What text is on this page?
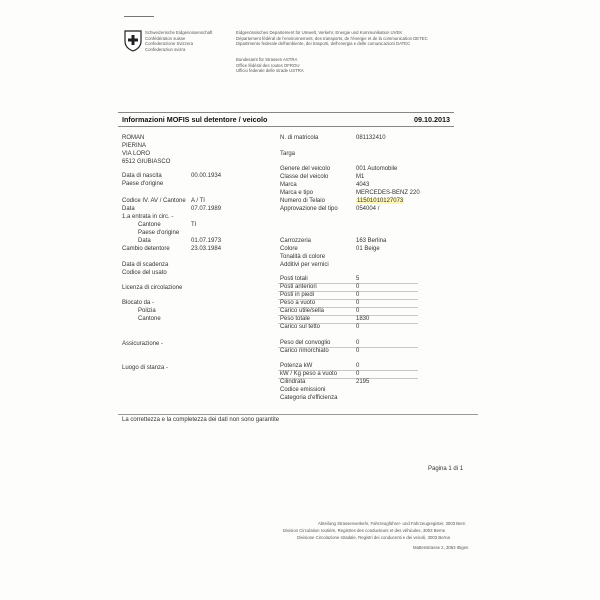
Informazioni MOFIS sul detentore / veicolo	09.10.2013
ROMAN
PIERINA
VIA LORO
6512 GIUBIASCO
La correttezza e la completezza dei dati non sono garantite
Pagina 1 di 1
Mattenstrasse 2, 3063 Ittigen
Schweizerische Eidgenossenschaft
Confédération suisse
Confederazione Svizzera
Confederaziun svizra
Eidgenössisches Departement für Umwelt, Verkehr, Energie und Kommunikation UVEK
Département fédéral de l'environnement, des transports, de l'énergie et de la communication DETEC
Dipartimento federale dell'ambiente, dei trasporti, dell'energia e delle comunicazioni DATEC
Bundesamt für Strassen ASTRA
Office fédéral des routes OFROU
Ufficio federale delle strade USTRA
Data di nascita	00.00.1934
Paese d'origine
Codice IV. AV / Cantone A / TI
Data	07.07.1989
1.a entrata in circ. -
Cantone	TI
Paese d'origine
Data	01.07.1973
Cambio detentore	23.03.1984
Data di scadenza
Codice del usato
Licenza di circolazione
Blocato da -
Polizia
Cantone
Assicurazione -
Luogo di stanza -
N. di matricola	081132410
Targa
Genere del veicolo	001 Automobile
Classe del veicolo	M1
Marca	4043
Marca e tipo	MERCEDES-BENZ 220
Numero di Telaio	11501010127073
Approvazione del tipo	054004 /
Carrozzeria	163 Berlina
Colore	01 Beige
Tonalità di colore
Additivi per vernici
Posti totali	5
Posti anteriori	0
Posti in piedi	0
Peso a vuoto	0
Carico utile/sella	0
Peso totale	1830
Carico sul tetto	0
Peso del convoglio	0
Carico rimorchiato	0
Potenza kW	0
kW / Kg peso a vuoto	0
Cilindrata	2195
Codice emissioni
Categoria d'efficienza
Abteilung Strassenverkehr, Fahrzeugführer- und Fahrzeugregister, 3003 Bern
Division Circulation routière, Registres des conducteurs et des véhicules, 3003 Berne
Divisione Circolazione stradale, Registri dei conducenti e dei veicoli, 3003 Berna
